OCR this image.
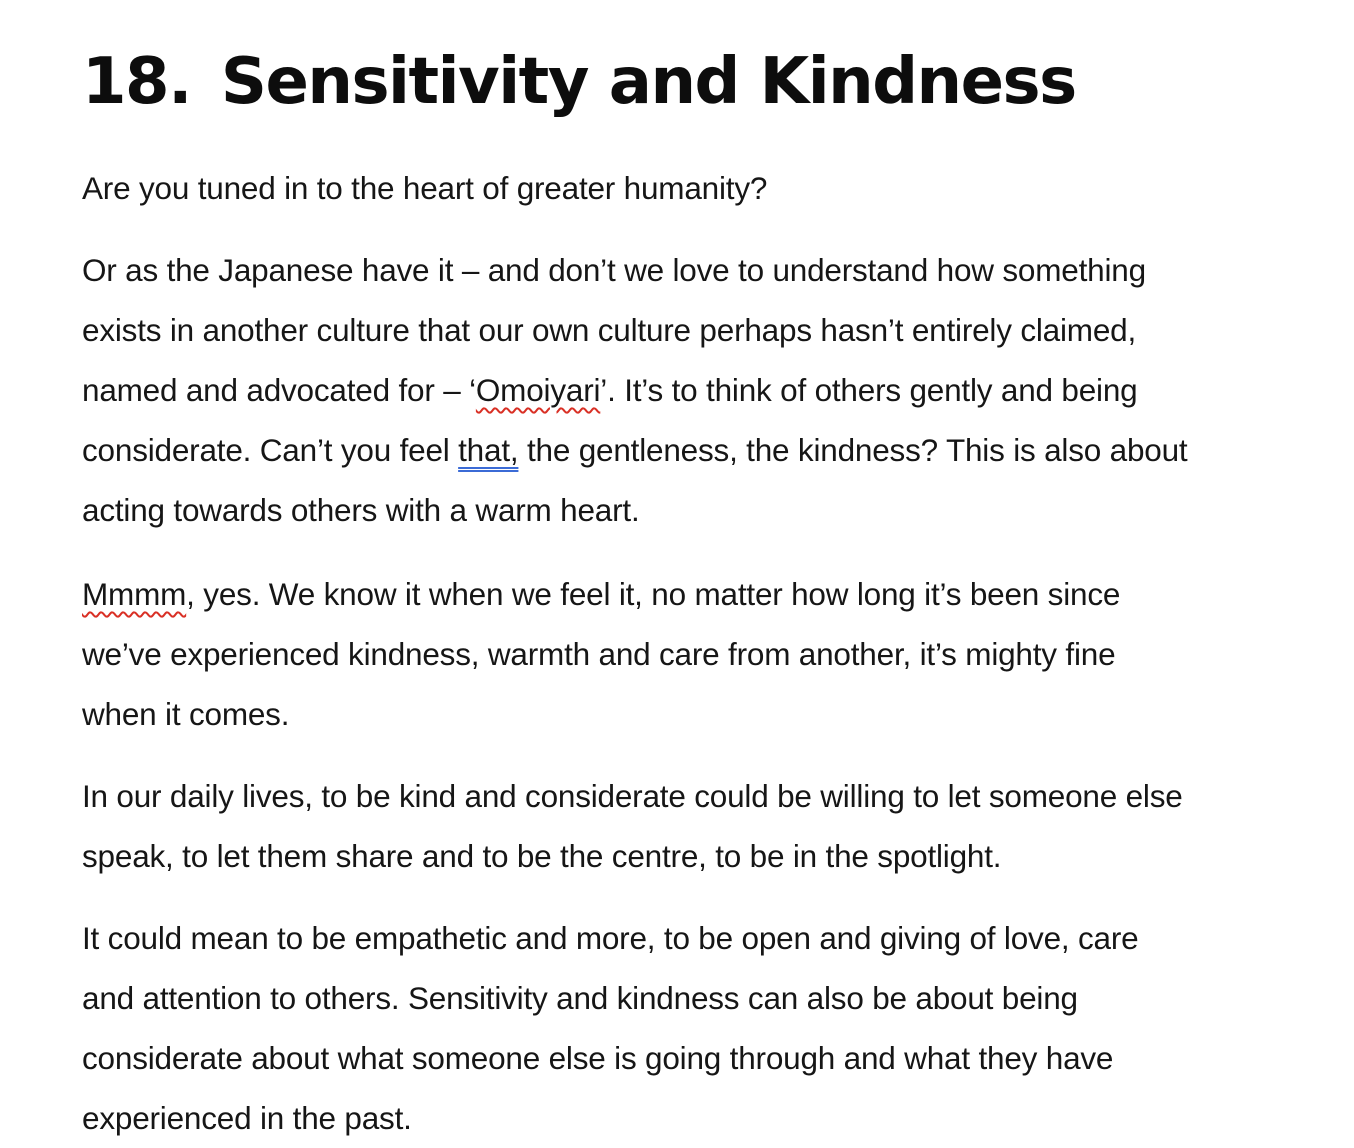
18. Sensitivity and Kindness

Are you tuned in to the heart of greater humanity?

Or as the Japanese have it – and don’t we love to understand how something
exists in another culture that our own culture perhaps hasn’t entirely claimed,
named and advocated for – ‘Omoiyari’. It’s to think of others gently and being
considerate. Can’t you feel that, the gentleness, the kindness? This is also about
acting towards others with a warm heart.

Mmmm, yes. We know it when we feel it, no matter how long it’s been since
we’ve experienced kindness, warmth and care from another, it’s mighty fine
when it comes.

In our daily lives, to be kind and considerate could be willing to let someone else
speak, to let them share and to be the centre, to be in the spotlight.

It could mean to be empathetic and more, to be open and giving of love, care
and attention to others. Sensitivity and kindness can also be about being
considerate about what someone else is going through and what they have
experienced in the past.
